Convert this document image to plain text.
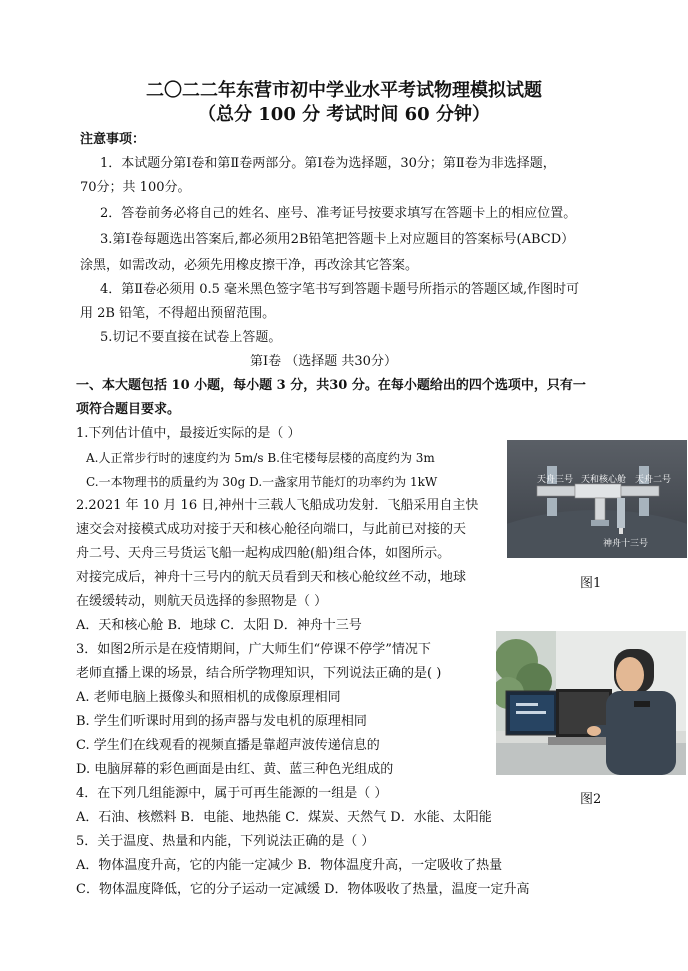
二〇二二年东营市初中学业水平考试物理模拟试题
（总分 100 分 考试时间 60 分钟）
注意事项：
1．本试题分第Ⅰ卷和第Ⅱ卷两部分。第Ⅰ卷为选择题，30分；第Ⅱ卷为非选择题，
70分；共 100分。
2．答卷前务必将自己的姓名、座号、准考证号按要求填写在答题卡上的相应位置。
3.第Ⅰ卷每题选出答案后,都必须用2B铅笔把答题卡上对应题目的答案标号(ABCD）
涂黑，如需改动，必须先用橡皮擦干净，再改涂其它答案。
4．第Ⅱ卷必须用 0.5 毫米黑色签字笔书写到答题卡题号所指示的答题区域,作图时可
用 2B 铅笔，不得超出预留范围。
5.切记不要直接在试卷上答题。
第Ⅰ卷 （选择题 共30分）
一、本大题包括 10 小题，每小题 3 分，共30 分。在每小题给出的四个选项中，只有一
项符合题目要求。
1.下列估计值中，最接近实际的是（ ）
A.人正常步行时的速度约为 5m/s B.住宅楼每层楼的高度约为 3m
C.一本物理书的质量约为 30g D.一盏家用节能灯的功率约为 1kW
2.2021 年 10 月 16 日,神州十三载人飞船成功发射．飞船采用自主快
速交会对接模式成功对接于天和核心舱径向端口，与此前已对接的天
舟二号、天舟三号货运飞船一起构成四舱(船)组合体，如图所示。
对接完成后，神舟十三号内的航天员看到天和核心舱纹丝不动，地球
在缓缓转动，则航天员选择的参照物是（ ）
A．天和核心舱 B．地球 C．太阳 D．神舟十三号
3．如图2所示是在疫情期间，广大师生们“停课不停学”情况下
老师直播上课的场景，结合所学物理知识，下列说法正确的是( )
A. 老师电脑上摄像头和照相机的成像原理相同
B. 学生们听课时用到的扬声器与发电机的原理相同
C. 学生们在线观看的视频直播是靠超声波传递信息的
D. 电脑屏幕的彩色画面是由红、黄、蓝三种色光组成的
4．在下列几组能源中，属于可再生能源的一组是（ ）
A．石油、核燃料 B．电能、地热能 C．煤炭、天然气 D．水能、太阳能
5．关于温度、热量和内能，下列说法正确的是（ ）
A．物体温度升高，它的内能一定减少 B．物体温度升高，一定吸收了热量
C．物体温度降低，它的分子运动一定减缓 D．物体吸收了热量，温度一定升高
天舟三号 天和核心舱 天舟二号
神舟十三号
图1
图2
